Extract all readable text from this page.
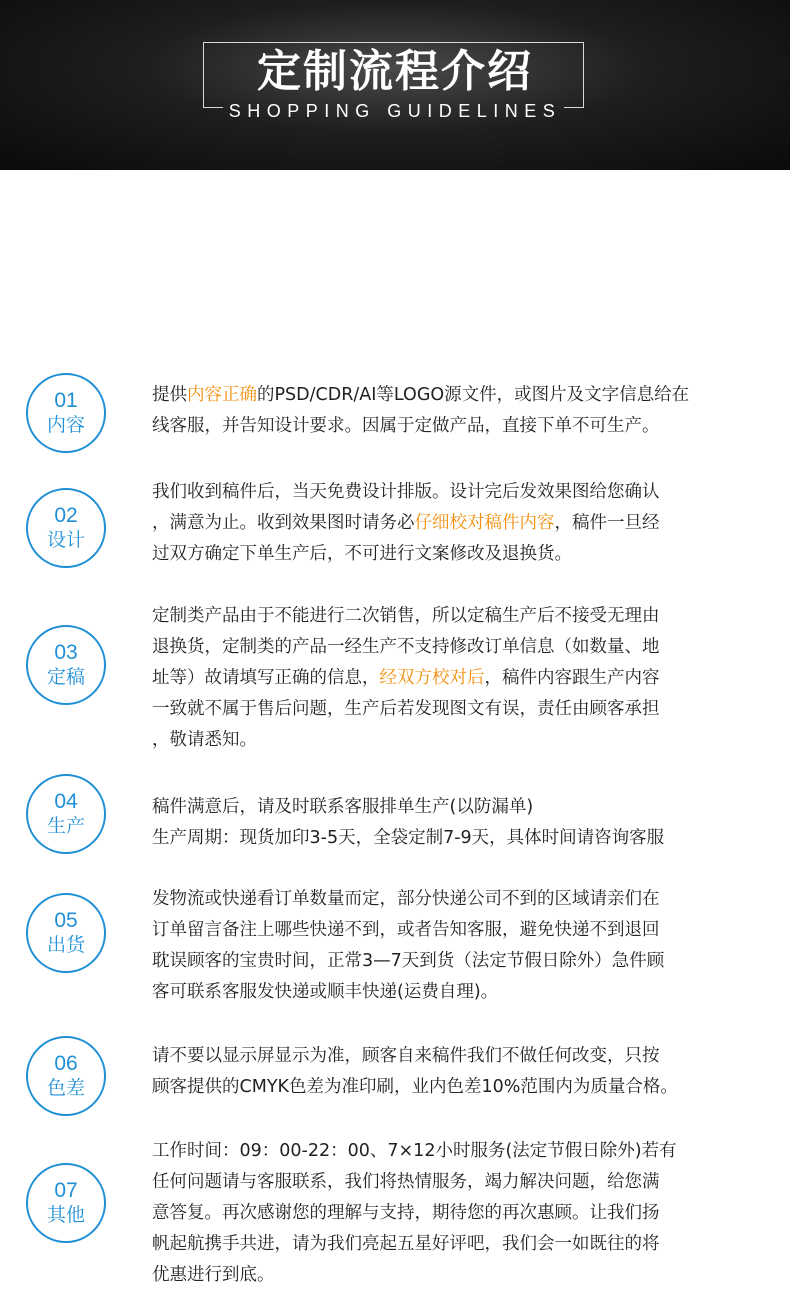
定制流程介绍
SHOPPING GUIDELINES
01
内容
提供内容正确的PSD/CDR/AI等LOGO源文件，或图片及文字信息给在
线客服，并告知设计要求。因属于定做产品，直接下单不可生产。
02
设计
我们收到稿件后，当天免费设计排版。设计完后发效果图给您确认
，满意为止。收到效果图时请务必仔细校对稿件内容，稿件一旦经
过双方确定下单生产后，不可进行文案修改及退换货。
03
定稿
定制类产品由于不能进行二次销售，所以定稿生产后不接受无理由
退换货，定制类的产品一经生产不支持修改订单信息（如数量、地
址等）故请填写正确的信息，经双方校对后，稿件内容跟生产内容
一致就不属于售后问题，生产后若发现图文有误，责任由顾客承担
，敬请悉知。
04
生产
稿件满意后，请及时联系客服排单生产(以防漏单)
生产周期：现货加印3-5天，全袋定制7-9天，具体时间请咨询客服
05
出货
发物流或快递看订单数量而定，部分快递公司不到的区域请亲们在
订单留言备注上哪些快递不到，或者告知客服，避免快递不到退回
耽误顾客的宝贵时间，正常3—7天到货（法定节假日除外）急件顾
客可联系客服发快递或顺丰快递(运费自理)。
06
色差
请不要以显示屏显示为准，顾客自来稿件我们不做任何改变，只按
顾客提供的CMYK色差为准印刷，业内色差10%范围内为质量合格。
07
其他
工作时间：09：00-22：00、7×12小时服务(法定节假日除外)若有
任何问题请与客服联系，我们将热情服务，竭力解决问题，给您满
意答复。再次感谢您的理解与支持，期待您的再次惠顾。让我们扬
帆起航携手共进，请为我们亮起五星好评吧，我们会一如既往的将
优惠进行到底。
